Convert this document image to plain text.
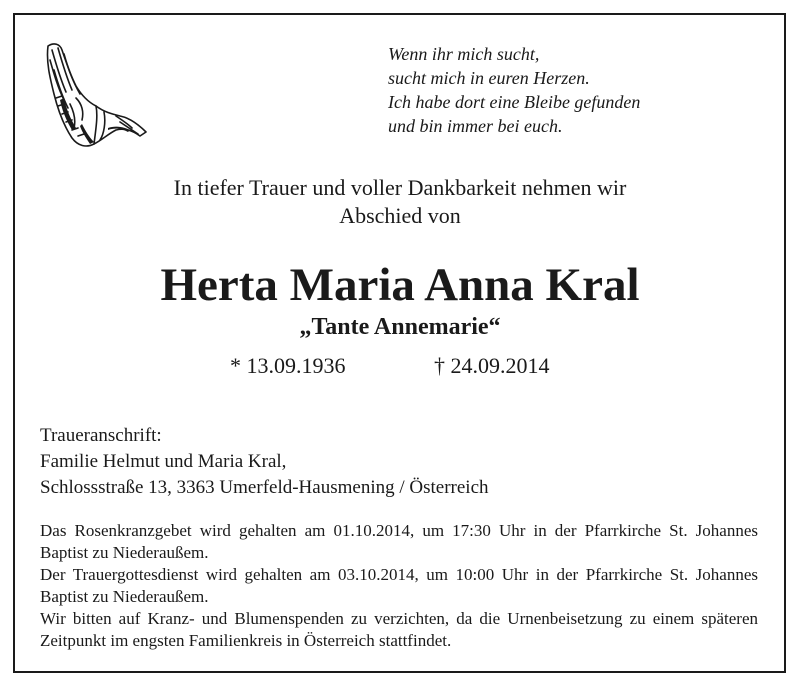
Wenn ihr mich sucht,
sucht mich in euren Herzen.
Ich habe dort eine Bleibe gefunden
und bin immer bei euch.
In tiefer Trauer und voller Dankbarkeit nehmen wir
Abschied von
Herta Maria Anna Kral
„Tante Annemarie“
* 13.09.1936	† 24.09.2014
Traueranschrift:
Familie Helmut und Maria Kral,
Schlossstraße 13, 3363 Umerfeld-Hausmening / Österreich

Das Rosenkranzgebet wird gehalten am 01.10.2014, um 17:30 Uhr in der Pfarrkirche St. Johannes Baptist zu Niederaußem.

Der Trauergottesdienst wird gehalten am 03.10.2014, um 10:00 Uhr in der Pfarrkirche St. Johannes Baptist zu Niederaußem.

Wir bitten auf Kranz- und Blumenspenden zu verzichten, da die Urnenbeisetzung zu einem späteren Zeitpunkt im engsten Familienkreis in Österreich stattfindet.
